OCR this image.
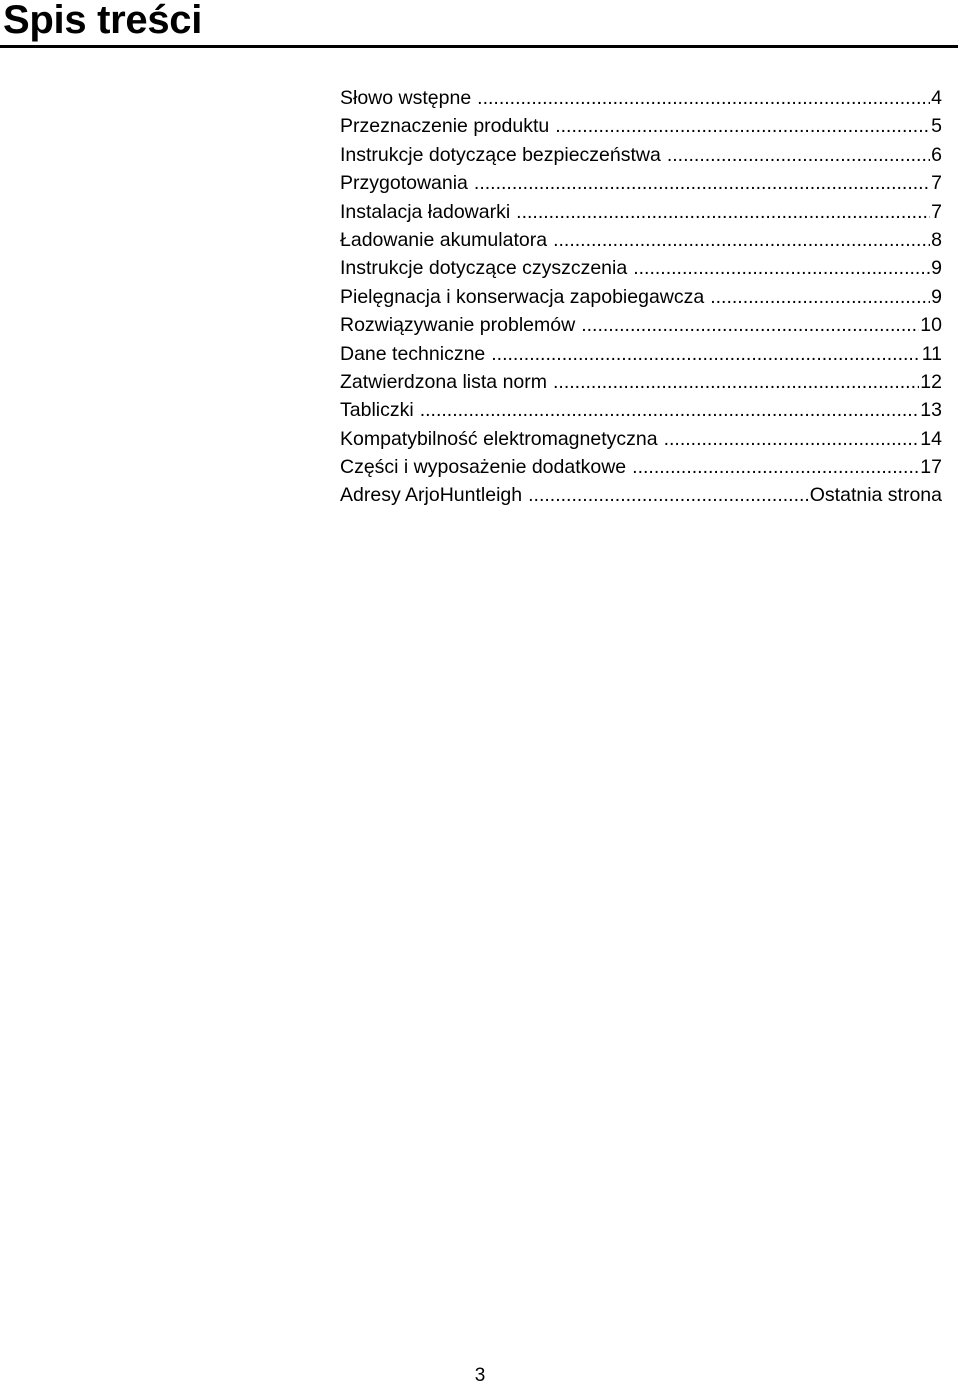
Spis treści
Słowo wstępne .....	4
Przeznaczenie produktu .....	5
Instrukcje dotyczące bezpieczeństwa .....	6
Przygotowania .....	7
Instalacja ładowarki .....	7
Ładowanie akumulatora .....	8
Instrukcje dotyczące czyszczenia .....	9
Pielęgnacja i konserwacja zapobiegawcza .....	9
Rozwiązywanie problemów .....	10
Dane techniczne .....	11
Zatwierdzona lista norm .....	12
Tabliczki .....	13
Kompatybilność elektromagnetyczna .....	14
Części i wyposażenie dodatkowe .....	17
Adresy ArjoHuntleigh .....	Ostatnia strona
3
